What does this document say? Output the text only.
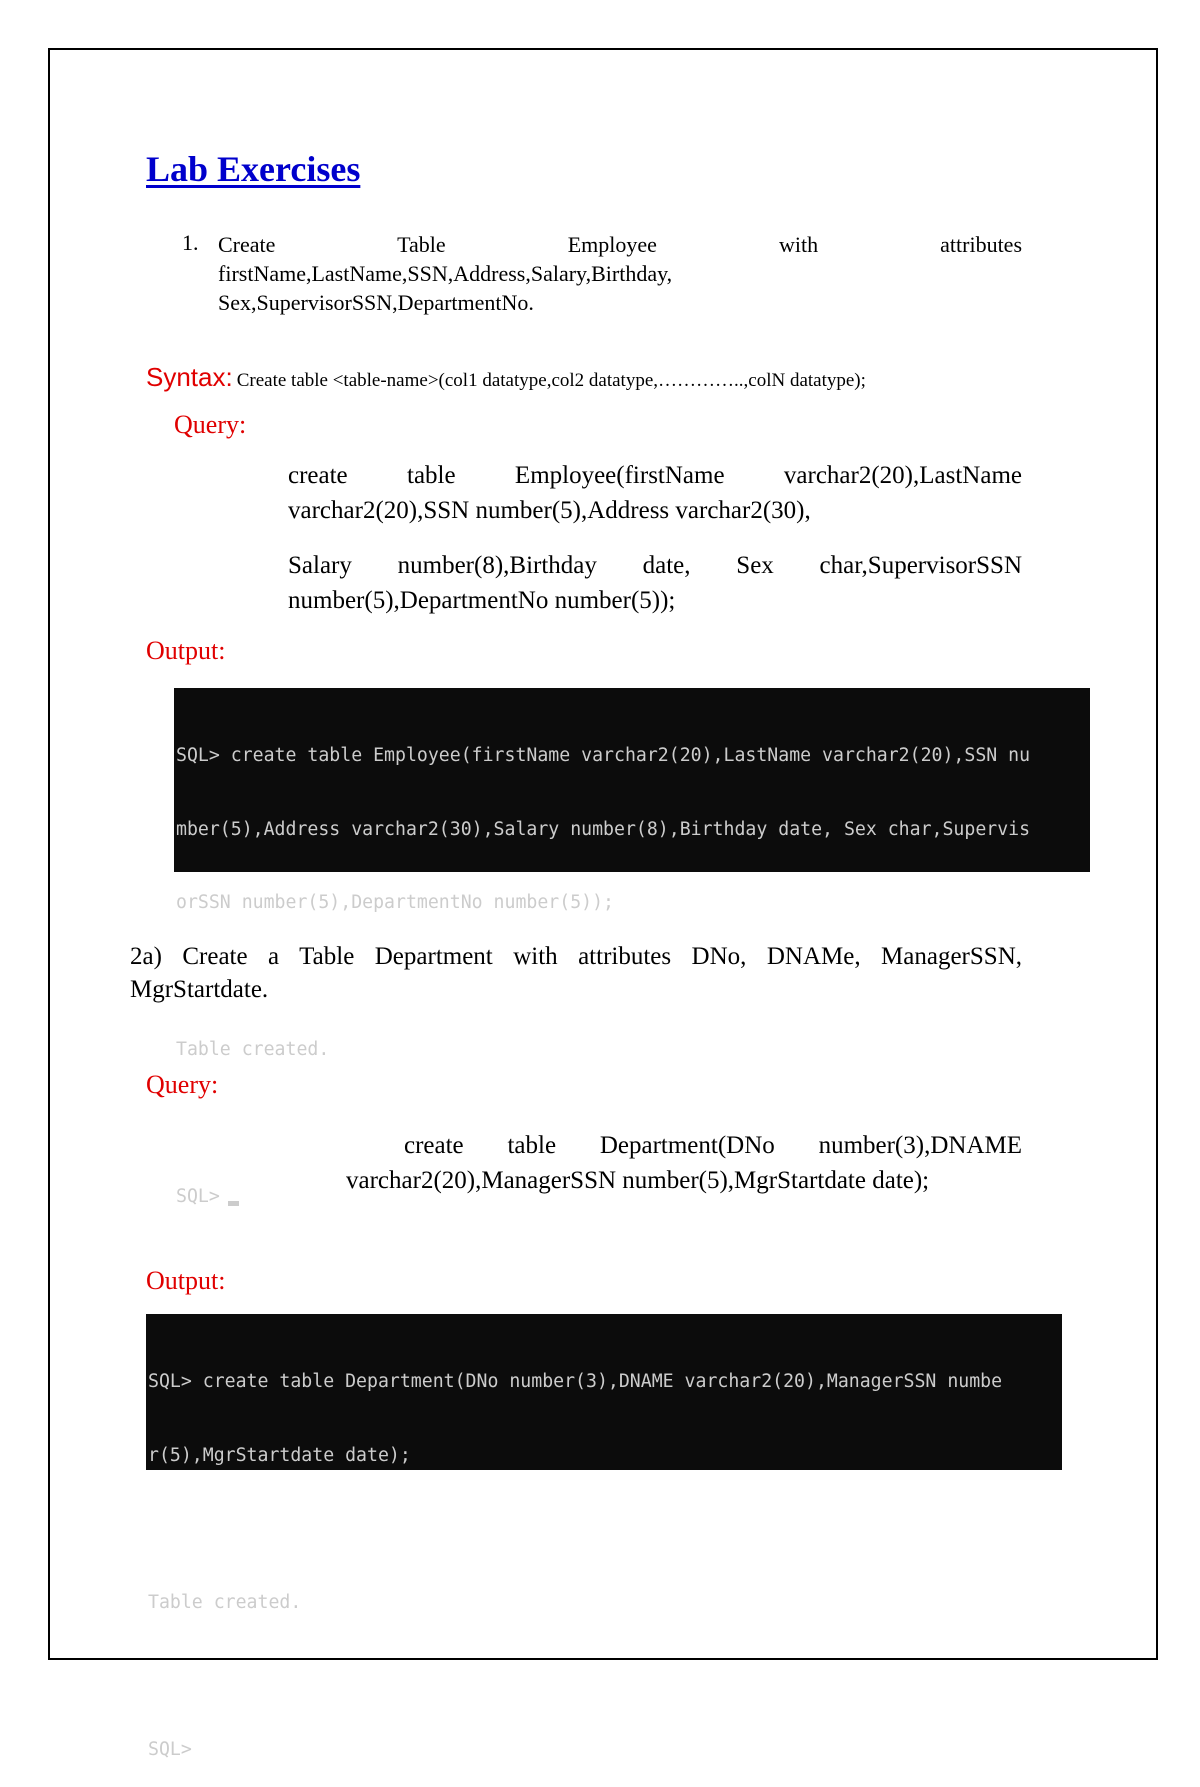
Lab Exercises
1. Create	Table	Employee	with	attributes
firstName,LastName,SSN,Address,Salary,Birthday,
Sex,SupervisorSSN,DepartmentNo.
Syntax: Create table <table-name>(col1 datatype,col2 datatype,…………..,colN datatype);
Query:
create table Employee(firstName varchar2(20),LastName varchar2(20),SSN number(5),Address varchar2(30),
Salary number(8),Birthday date, Sex char,SupervisorSSN number(5),DepartmentNo number(5));
Output:

SQL> create table Employee(firstName varchar2(20),LastName varchar2(20),SSN nu

mber(5),Address varchar2(30),Salary number(8),Birthday date, Sex char,Supervis

orSSN number(5),DepartmentNo number(5));

Table created.

SQL>

2a) Create a Table Department with attributes DNo, DNAMe, ManagerSSN, MgrStartdate.
Query:
create table Department(DNo number(3),DNAME
varchar2(20),ManagerSSN number(5),MgrStartdate date);
Output:

SQL> create table Department(DNo number(3),DNAME varchar2(20),ManagerSSN numbe

r(5),MgrStartdate date);

Table created.

SQL>
